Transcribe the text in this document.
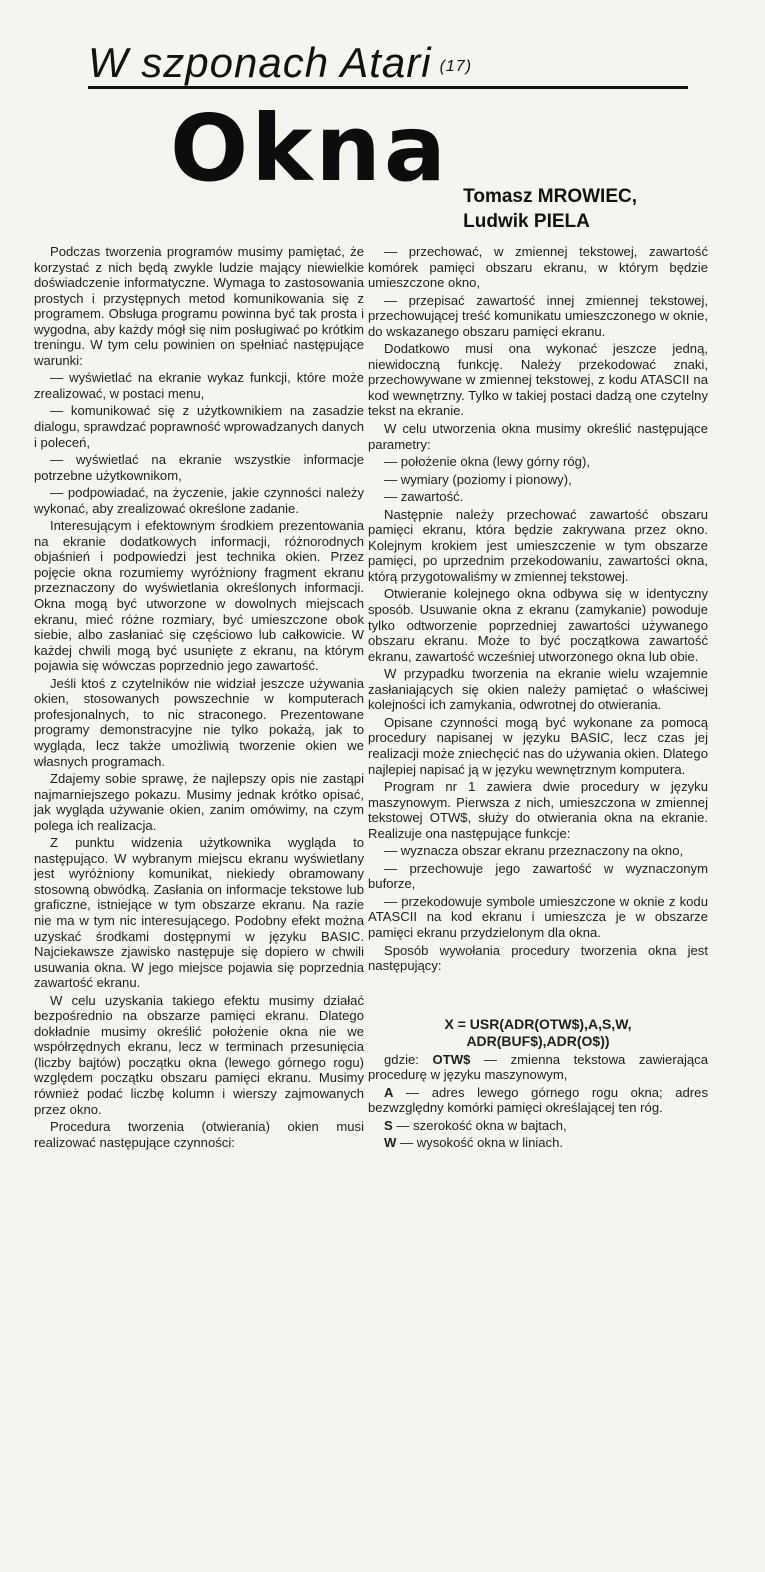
W szponach Atari $^{(17)}$
Okna Tomasz MROWIEC,
Ludwik PIELA

Podczas tworzenia programów musimy pamiętać, że korzystać z nich będą zwykle ludzie mający niewielkie doświadczenie informatyczne. Wymaga to zastosowania prostych i przystępnych metod komunikowania się z programem. Obsługa programu powinna być tak prosta i wygodna, aby każdy mógł się nim posługiwać po krótkim treningu. W tym celu powinien on spełniać następujące warunki:

— wyświetlać na ekranie wykaz funkcji, które może zrealizować, w postaci menu,

— komunikować się z użytkownikiem na zasadzie dialogu, sprawdzać poprawność wprowadzanych danych i poleceń,

— wyświetlać na ekranie wszystkie informacje potrzebne użytkownikom,

— podpowiadać, na życzenie, jakie czynności należy wykonać, aby zrealizować określone zadanie.

Interesującym i efektownym środkiem prezentowania na ekranie dodatkowych informacji, różnorodnych objaśnień i podpowiedzi jest technika okien. Przez pojęcie okna rozumiemy wyróżniony fragment ekranu przeznaczony do wyświetlania określonych informacji. Okna mogą być utworzone w dowolnych miejscach ekranu, mieć różne rozmiary, być umieszczone obok siebie, albo zasłaniać się częściowo lub całkowicie. W każdej chwili mogą być usunięte z ekranu, na którym pojawia się wówczas poprzednio jego zawartość.

Jeśli ktoś z czytelników nie widział jeszcze używania okien, stosowanych powszechnie w komputerach profesjonalnych, to nic straconego. Prezentowane programy demonstracyjne nie tylko pokażą, jak to wygląda, lecz także umożliwią tworzenie okien we własnych programach.

Zdajemy sobie sprawę, że najlepszy opis nie zastąpi najmarniejszego pokazu. Musimy jednak krótko opisać, jak wygląda używanie okien, zanim omówimy, na czym polega ich realizacja.

Z punktu widzenia użytkownika wygląda to następująco. W wybranym miejscu ekranu wyświetlany jest wyróżniony komunikat, niekiedy obramowany stosowną obwódką. Zasłania on informacje tekstowe lub graficzne, istniejące w tym obszarze ekranu. Na razie nie ma w tym nic interesującego. Podobny efekt można uzyskać środkami dostępnymi w języku BASIC. Najciekawsze zjawisko następuje się dopiero w chwili usuwania okna. W jego miejsce pojawia się poprzednia zawartość ekranu.

W celu uzyskania takiego efektu musimy działać bezpośrednio na obszarze pamięci ekranu. Dlatego dokładnie musimy określić położenie okna nie we współrzędnych ekranu, lecz w terminach przesunięcia (liczby bajtów) początku okna (lewego górnego rogu) względem początku obszaru pamięci ekranu. Musimy również podać liczbę kolumn i wierszy zajmowanych przez okno.

Procedura tworzenia (otwierania) okien musi realizować następujące czynności:

— przechować, w zmiennej tekstowej, zawartość komórek pamięci obszaru ekranu, w którym będzie umieszczone okno,

— przepisać zawartość innej zmiennej tekstowej, przechowującej treść komunikatu umieszczonego w oknie, do wskazanego obszaru pamięci ekranu.

Dodatkowo musi ona wykonać jeszcze jedną, niewidoczną funkcję. Należy przekodować znaki, przechowywane w zmiennej tekstowej, z kodu ATASCII na kod wewnętrzny. Tylko w takiej postaci dadzą one czytelny tekst na ekranie.

W celu utworzenia okna musimy określić następujące parametry:

— położenie okna (lewy górny róg),

— wymiary (poziomy i pionowy),

— zawartość.

Następnie należy przechować zawartość obszaru pamięci ekranu, która będzie zakrywana przez okno. Kolejnym krokiem jest umieszczenie w tym obszarze pamięci, po uprzednim przekodowaniu, zawartości okna, którą przygotowaliśmy w zmiennej tekstowej.

Otwieranie kolejnego okna odbywa się w identyczny sposób. Usuwanie okna z ekranu (zamykanie) powoduje tylko odtworzenie poprzedniej zawartości używanego obszaru ekranu. Może to być początkowa zawartość ekranu, zawartość wcześniej utworzonego okna lub obie.

W przypadku tworzenia na ekranie wielu wzajemnie zasłaniających się okien należy pamiętać o właściwej kolejności ich zamykania, odwrotnej do otwierania.

Opisane czynności mogą być wykonane za pomocą procedury napisanej w języku BASIC, lecz czas jej realizacji może zniechęcić nas do używania okien. Dlatego najlepiej napisać ją w języku wewnętrznym komputera.

Program nr 1 zawiera dwie procedury w języku maszynowym. Pierwsza z nich, umieszczona w zmiennej tekstowej OTW$, służy do otwierania okna na ekranie. Realizuje ona następujące funkcje:

— wyznacza obszar ekranu przeznaczony na okno,

— przechowuje jego zawartość w wyznaczonym buforze,

— przekodowuje symbole umieszczone w oknie z kodu ATASCII na kod ekranu i umieszcza je w obszarze pamięci ekranu przydzielonym dla okna.

Sposób wywołania procedury tworzenia okna jest następujący:

X = USR(ADR(OTW$),A,S,W,
ADR(BUF$),ADR(O$))

gdzie: OTW$ — zmienna tekstowa zawierająca procedurę w języku maszynowym,

A — adres lewego górnego rogu okna; adres bezwzględny komórki pamięci określającej ten róg.

S — szerokość okna w bajtach,

W — wysokość okna w liniach.
